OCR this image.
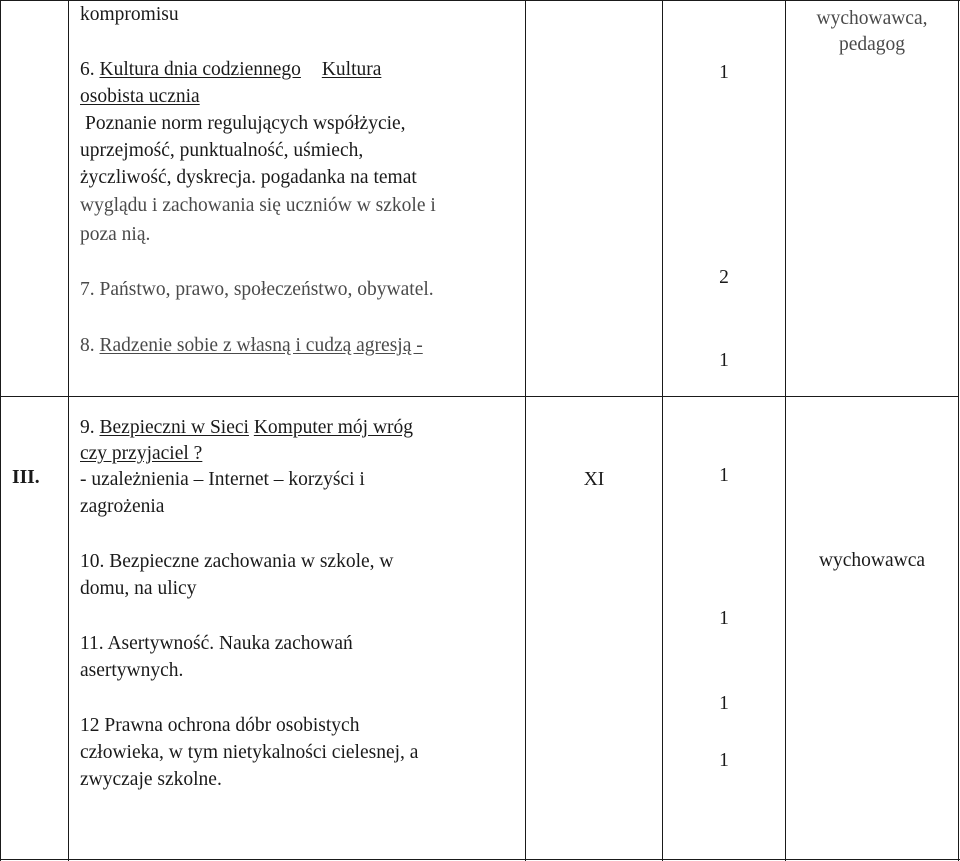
kompromisu
6. Kultura dnia codziennego Kultura
osobista ucznia
Poznanie norm regulujących współżycie,
uprzejmość, punktualność, uśmiech,
życzliwość, dyskrecja. pogadanka na temat
wyglądu i zachowania się uczniów w szkole i
poza nią.
7. Państwo, prawo, społeczeństwo, obywatel.
8. Radzenie sobie z własną i cudzą agresją -
1
2
1
wychowawca,
pedagog
III.
9. Bezpieczni w Sieci Komputer mój wróg
czy przyjaciel ?
- uzależnienia – Internet – korzyści i
zagrożenia
10. Bezpieczne zachowania w szkole, w
domu, na ulicy
11. Asertywność. Nauka zachowań
asertywnych.
12 Prawna ochrona dóbr osobistych
człowieka, w tym nietykalności cielesnej, a
zwyczaje szkolne.
XI	1
1
1
1
wychowawca
